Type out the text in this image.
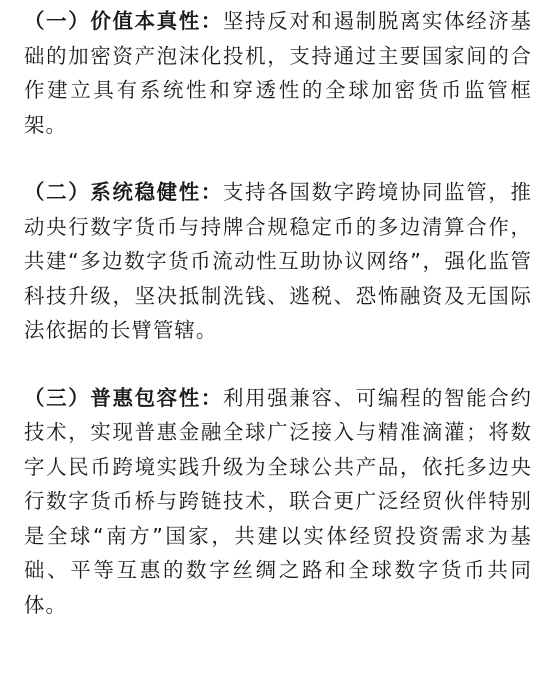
（一）价值本真性：坚持反对和遏制脱离实体经济基础的加密资产泡沫化投机，支持通过主要国家间的合作建立具有系统性和穿透性的全球加密货币监管框架。

（二）系统稳健性：支持各国数字跨境协同监管，推动央行数字货币与持牌合规稳定币的多边清算合作，共建“多边数字货币流动性互助协议网络”，强化监管科技升级，坚决抵制洗钱、逃税、恐怖融资及无国际法依据的长臂管辖。

（三）普惠包容性：利用强兼容、可编程的智能合约技术，实现普惠金融全球广泛接入与精准滴灌；将数字人民币跨境实践升级为全球公共产品，依托多边央行数字货币桥与跨链技术，联合更广泛经贸伙伴特别是全球“南方”国家，共建以实体经贸投资需求为基础、平等互惠的数字丝绸之路和全球数字货币共同体。
